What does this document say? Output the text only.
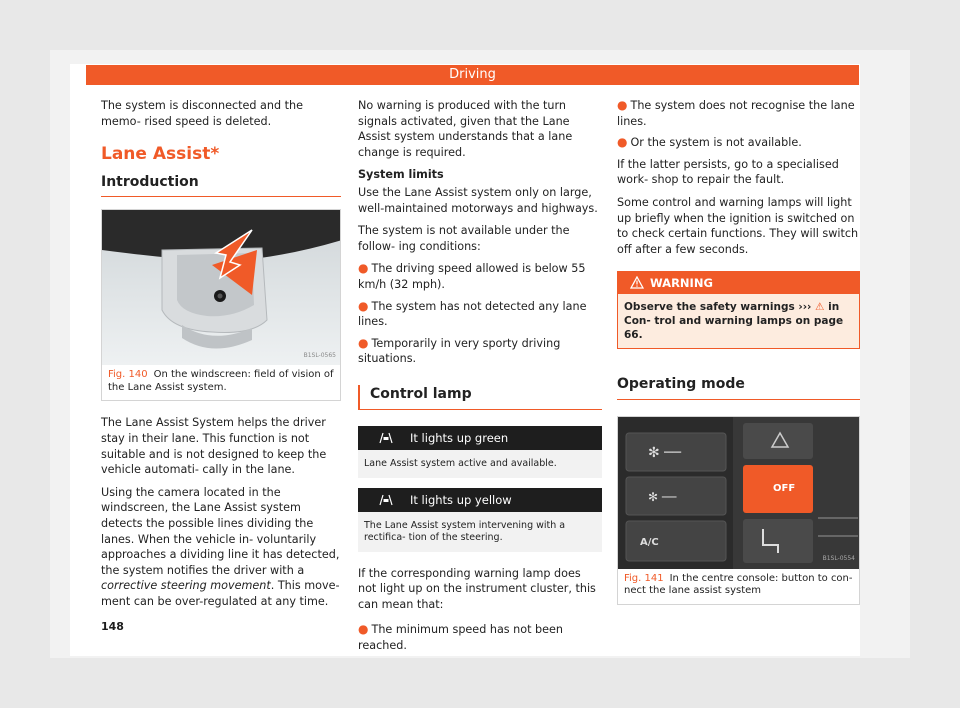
Driving

The system is disconnected and the memo- rised speed is deleted.

Lane Assist*
Introduction
B1SL-0565
Fig. 140 On the windscreen: field of vision of the Lane Assist system.

The Lane Assist System helps the driver stay in their lane. This function is not suitable and is not designed to keep the vehicle automati- cally in the lane.

Using the camera located in the windscreen, the Lane Assist system detects the possible lines dividing the lanes. When the vehicle in- voluntarily approaches a dividing line it has detected, the system notifies the driver with a corrective steering movement. This move- ment can be over-regulated at any time.

No warning is produced with the turn signals activated, given that the Lane Assist system understands that a lane change is required.

System limits

Use the Lane Assist system only on large, well-maintained motorways and highways.

The system is not available under the follow- ing conditions:

● The driving speed allowed is below 55 km/h (32 mph).

● The system has not detected any lane lines.

● Temporarily in very sporty driving situations.

Control lamp
It lights up green
Lane Assist system active and available.
It lights up yellow
The Lane Assist system intervening with a rectifica- tion of the steering.

If the corresponding warning lamp does not light up on the instrument cluster, this can mean that:

● The minimum speed has not been reached.

● The system does not recognise the lane lines.

● Or the system is not available.

If the latter persists, go to a specialised work- shop to repair the fault.

Some control and warning lamps will light up briefly when the ignition is switched on to check certain functions. They will switch off after a few seconds.

WARNING
Observe the safety warnings ››› ⚠ in Con- trol and warning lamps on page 66.
Operating mode
✻ ──
✻ ──
OFF
A/C
B1SL-0554
Fig. 141 In the centre console: button to con- nect the lane assist system
148
